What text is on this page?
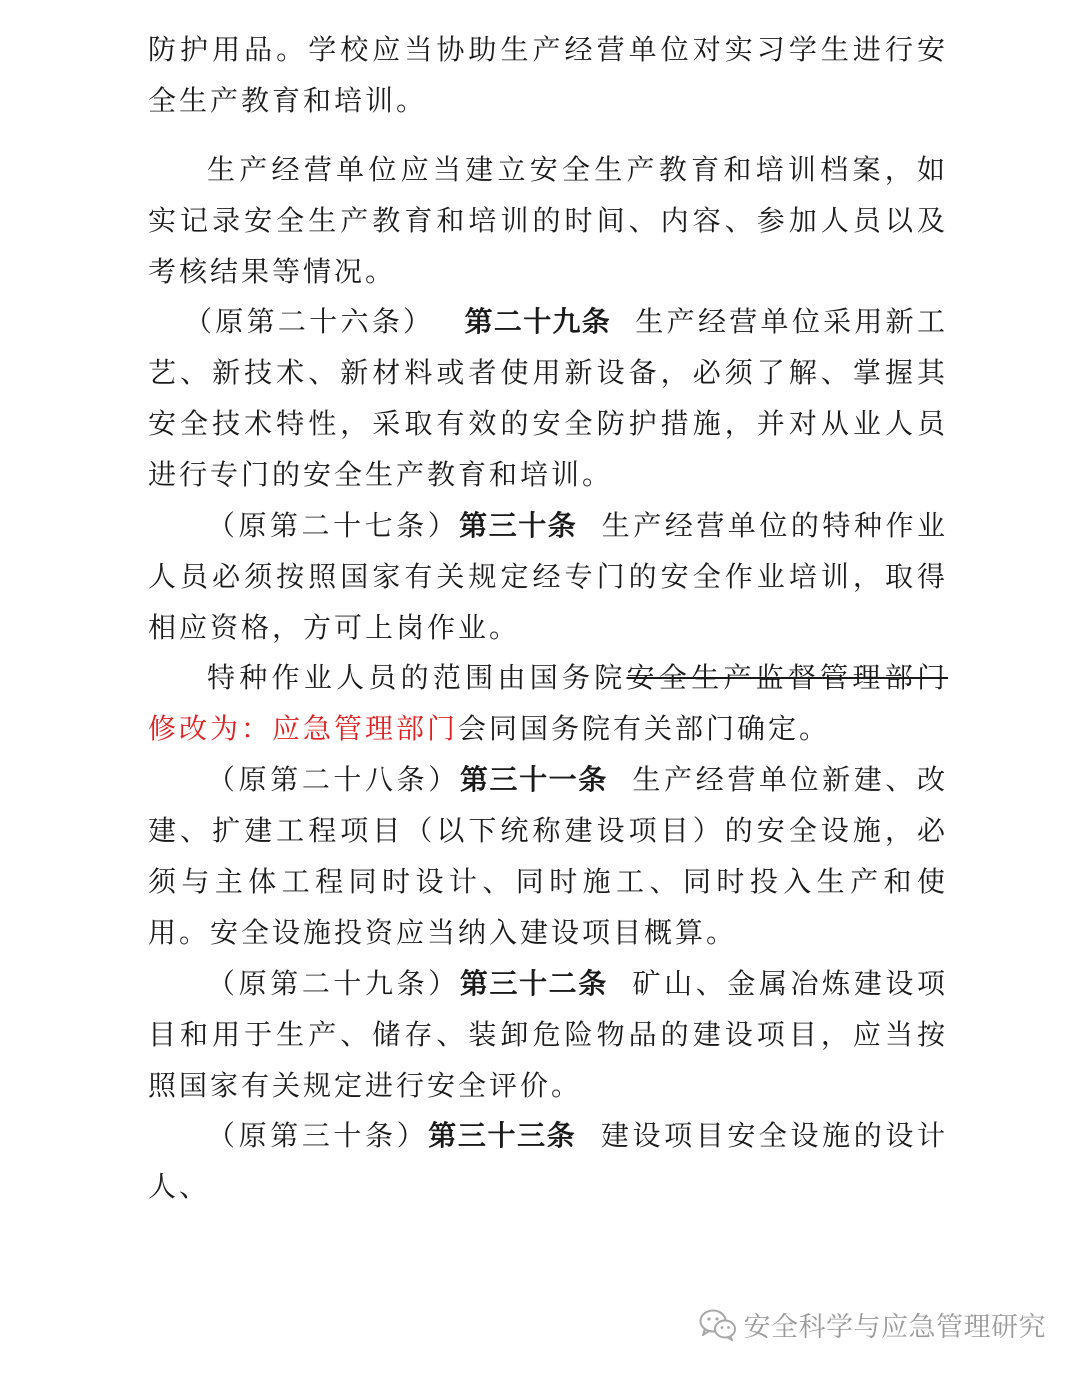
防护用品。学校应当协助生产经营单位对实习学生进行安全生产教育和培训。

生产经营单位应当建立安全生产教育和培训档案，如实记录安全生产教育和培训的时间、内容、参加人员以及考核结果等情况。

（原第二十六条） 第二十九条 生产经营单位采用新工艺、新技术、新材料或者使用新设备，必须了解、掌握其安全技术特性，采取有效的安全防护措施，并对从业人员进行专门的安全生产教育和培训。

（原第二十七条）第三十条 生产经营单位的特种作业人员必须按照国家有关规定经专门的安全作业培训，取得相应资格，方可上岗作业。

特种作业人员的范围由国务院安全生产监督管理部门修改为：应急管理部门会同国务院有关部门确定。

（原第二十八条）第三十一条 生产经营单位新建、改建、扩建工程项目（以下统称建设项目）的安全设施，必须与主体工程同时设计、同时施工、同时投入生产和使用。安全设施投资应当纳入建设项目概算。

（原第二十九条）第三十二条 矿山、金属冶炼建设项目和用于生产、储存、装卸危险物品的建设项目，应当按照国家有关规定进行安全评价。

（原第三十条）第三十三条 建设项目安全设施的设计人、

安全科学与应急管理研究
